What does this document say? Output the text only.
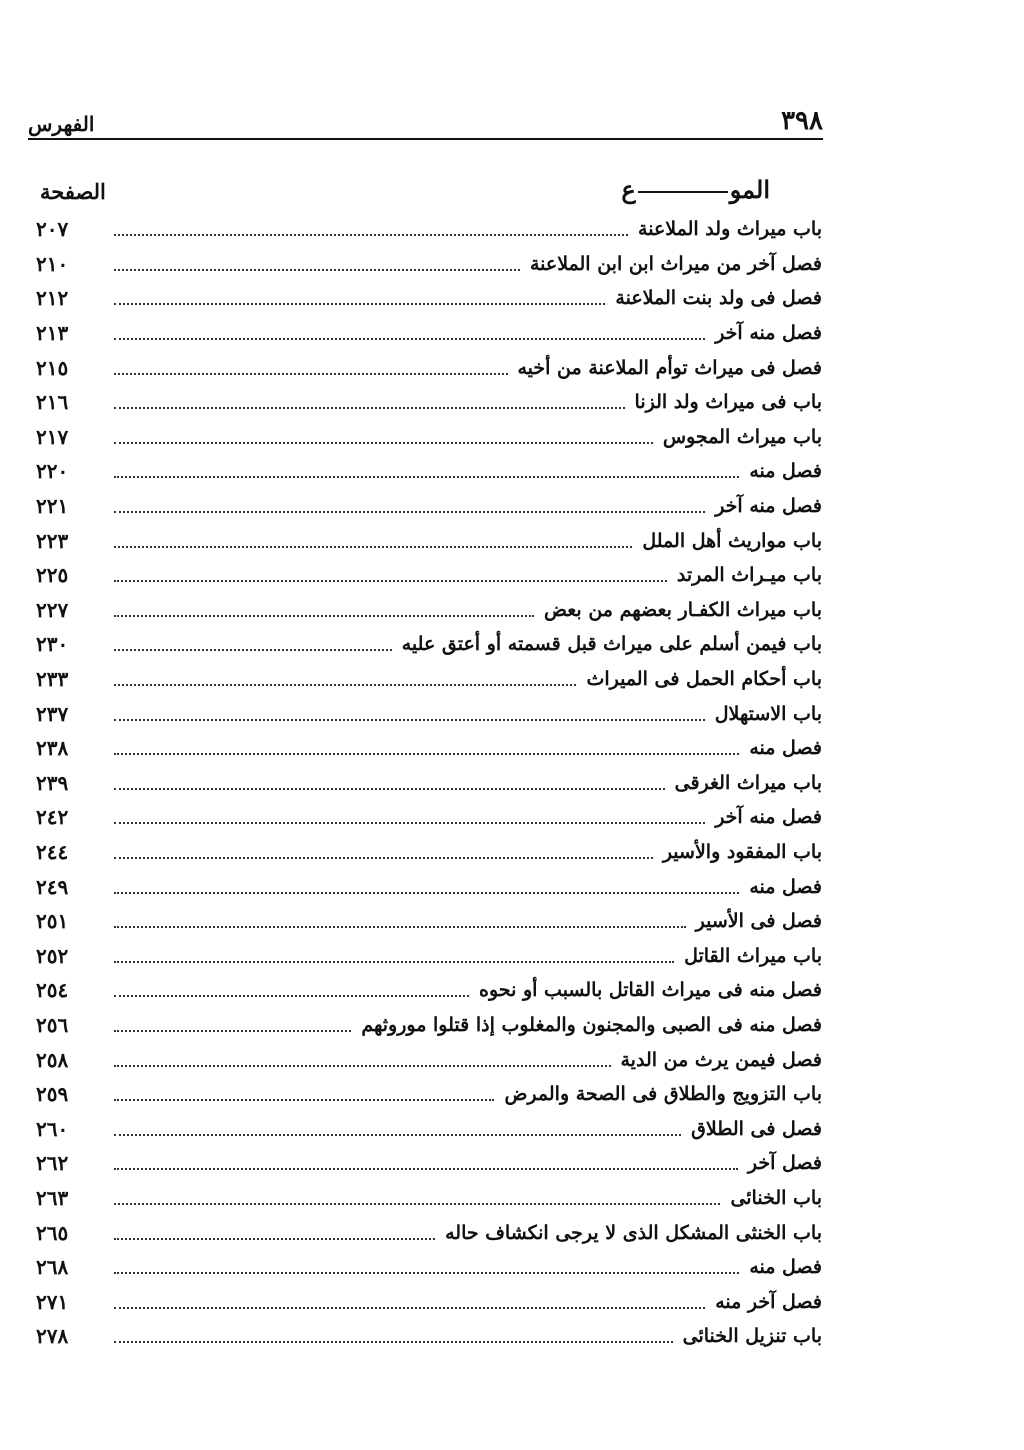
٣٩٨
الفهرس
الموع
الصفحة
باب ميراث ولد الملاعنة
٢٠٧
فصل آخر من ميراث ابن ابن الملاعنة
٢١٠
فصل فى ولد بنت الملاعنة
٢١٢
فصل منه آخر
٢١٣
فصل فى ميراث توأم الملاعنة من أخيه
٢١٥
باب فى ميراث ولد الزنا
٢١٦
باب ميراث المجوس
٢١٧
فصل منه
٢٢٠
فصل منه آخر
٢٢١
باب مواريث أهل الملل
٢٢٣
باب ميـراث المرتد
٢٢٥
باب ميراث الكفـار بعضهم من بعض
٢٢٧
باب فيمن أسلم على ميراث قبل قسمته أو أعتق عليه
٢٣٠
باب أحكام الحمل فى الميراث
٢٣٣
باب الاستهلال
٢٣٧
فصل منه
٢٣٨
باب ميراث الغرقى
٢٣٩
فصل منه آخر
٢٤٢
باب المفقود والأسير
٢٤٤
فصل منه
٢٤٩
فصل فى الأسير
٢٥١
باب ميراث القاتل
٢٥٢
فصل منه فى ميراث القاتل بالسبب أو نحوه
٢٥٤
فصل منه فى الصبى والمجنون والمغلوب إذا قتلوا موروثهم
٢٥٦
فصل فيمن يرث من الدية
٢٥٨
باب التزويج والطلاق فى الصحة والمرض
٢٥٩
فصل فى الطلاق
٢٦٠
فصل آخر
٢٦٢
باب الخنائى
٢٦٣
باب الخنثى المشكل الذى لا يرجى انكشاف حاله
٢٦٥
فصل منه
٢٦٨
فصل آخر منه
٢٧١
باب تنزيل الخنائى
٢٧٨
